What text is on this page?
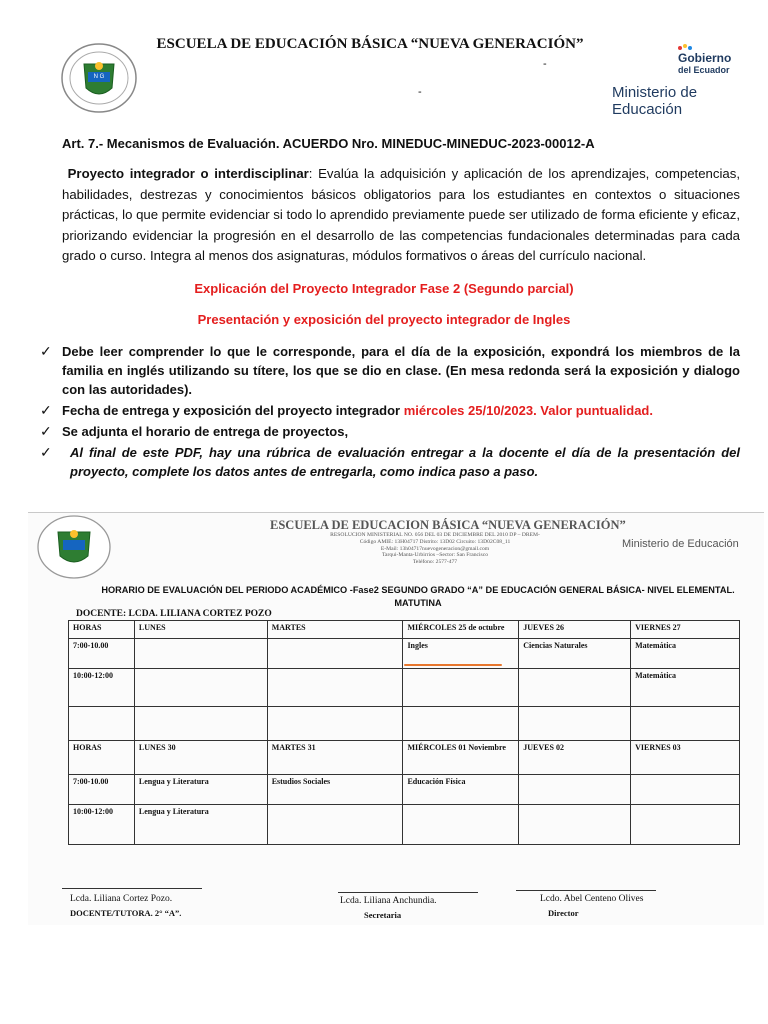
N G
ESCUELA DE EDUCACIÓN BÁSICA “NUEVA GENERACIÓN”
-
-
Gobierno
del Ecuador
Ministerio de Educación
Art. 7.- Mecanismos de Evaluación. ACUERDO Nro. MINEDUC-MINEDUC-2023-00012-A
Proyecto integrador o interdisciplinar: Evalúa la adquisición y aplicación de los aprendizajes, competencias, habilidades, destrezas y conocimientos básicos obligatorios para los estudiantes en contextos o situaciones prácticas, lo que permite evidenciar si todo lo aprendido previamente puede ser utilizado de forma eficiente y eficaz, priorizando evidenciar la progresión en el desarrollo de las competencias fundacionales determinadas para cada grado o curso. Integra al menos dos asignaturas, módulos formativos o áreas del currículo nacional.
Explicación del Proyecto Integrador Fase 2 (Segundo parcial)
Presentación y exposición del proyecto integrador de Ingles
✓ Debe leer comprender lo que le corresponde, para el día de la exposición, expondrá los miembros de la familia en inglés utilizando su títere, los que se dio en clase. (En mesa redonda será la exposición y dialogo con las autoridades).
✓ Fecha de entrega y exposición del proyecto integrador miércoles 25/10/2023. Valor puntualidad.
✓ Se adjunta el horario de entrega de proyectos,
✓ Al final de este PDF, hay una rúbrica de evaluación entregar a la docente el día de la presentación del proyecto, complete los datos antes de entregarla, como indica paso a paso.
ESCUELA DE EDUCACION BÁSICA “NUEVA GENERACIÓN”
RESOLUCION MINISTERIAL NO. 056 DEL 03 DE DICIEMBRE DEL 2010 DP – DREM-
Código AMIE: 13H04717 Distrito: 13D02 Circuito: 13D02C08_11
E-Mail: 13h04717nuevogeneracion@gmail.com
Tarqui-Manta-Urbirrios –Sector: San Francisco
Teléfono: 2577-477
Ministerio de Educación
HORARIO DE EVALUACIÓN DEL PERIODO ACADÉMICO -Fase2 SEGUNDO GRADO “A” DE EDUCACIÓN GENERAL BÁSICA- NIVEL ELEMENTAL. MATUTINA
DOCENTE: LCDA. LILIANA CORTEZ POZO
HORAS	LUNES	MARTES	MIÉRCOLES 25 de octubre	JUEVES 26	VIERNES 27
7:00-10.00			Ingles	Ciencias Naturales	Matemática
10:00-12:00					Matemática

HORAS	LUNES 30	MARTES 31	MIÉRCOLES 01 Noviembre	JUEVES 02	VIERNES 03
7:00-10.00	Lengua y Literatura	Estudios Sociales	Educación Física		
10:00-12:00	Lengua y Literatura				
Lcda. Liliana Cortez Pozo.
DOCENTE/TUTORA. 2° “A”.
Lcda. Liliana Anchundia.
Secretaria
Lcdo. Abel Centeno Olives
Director
